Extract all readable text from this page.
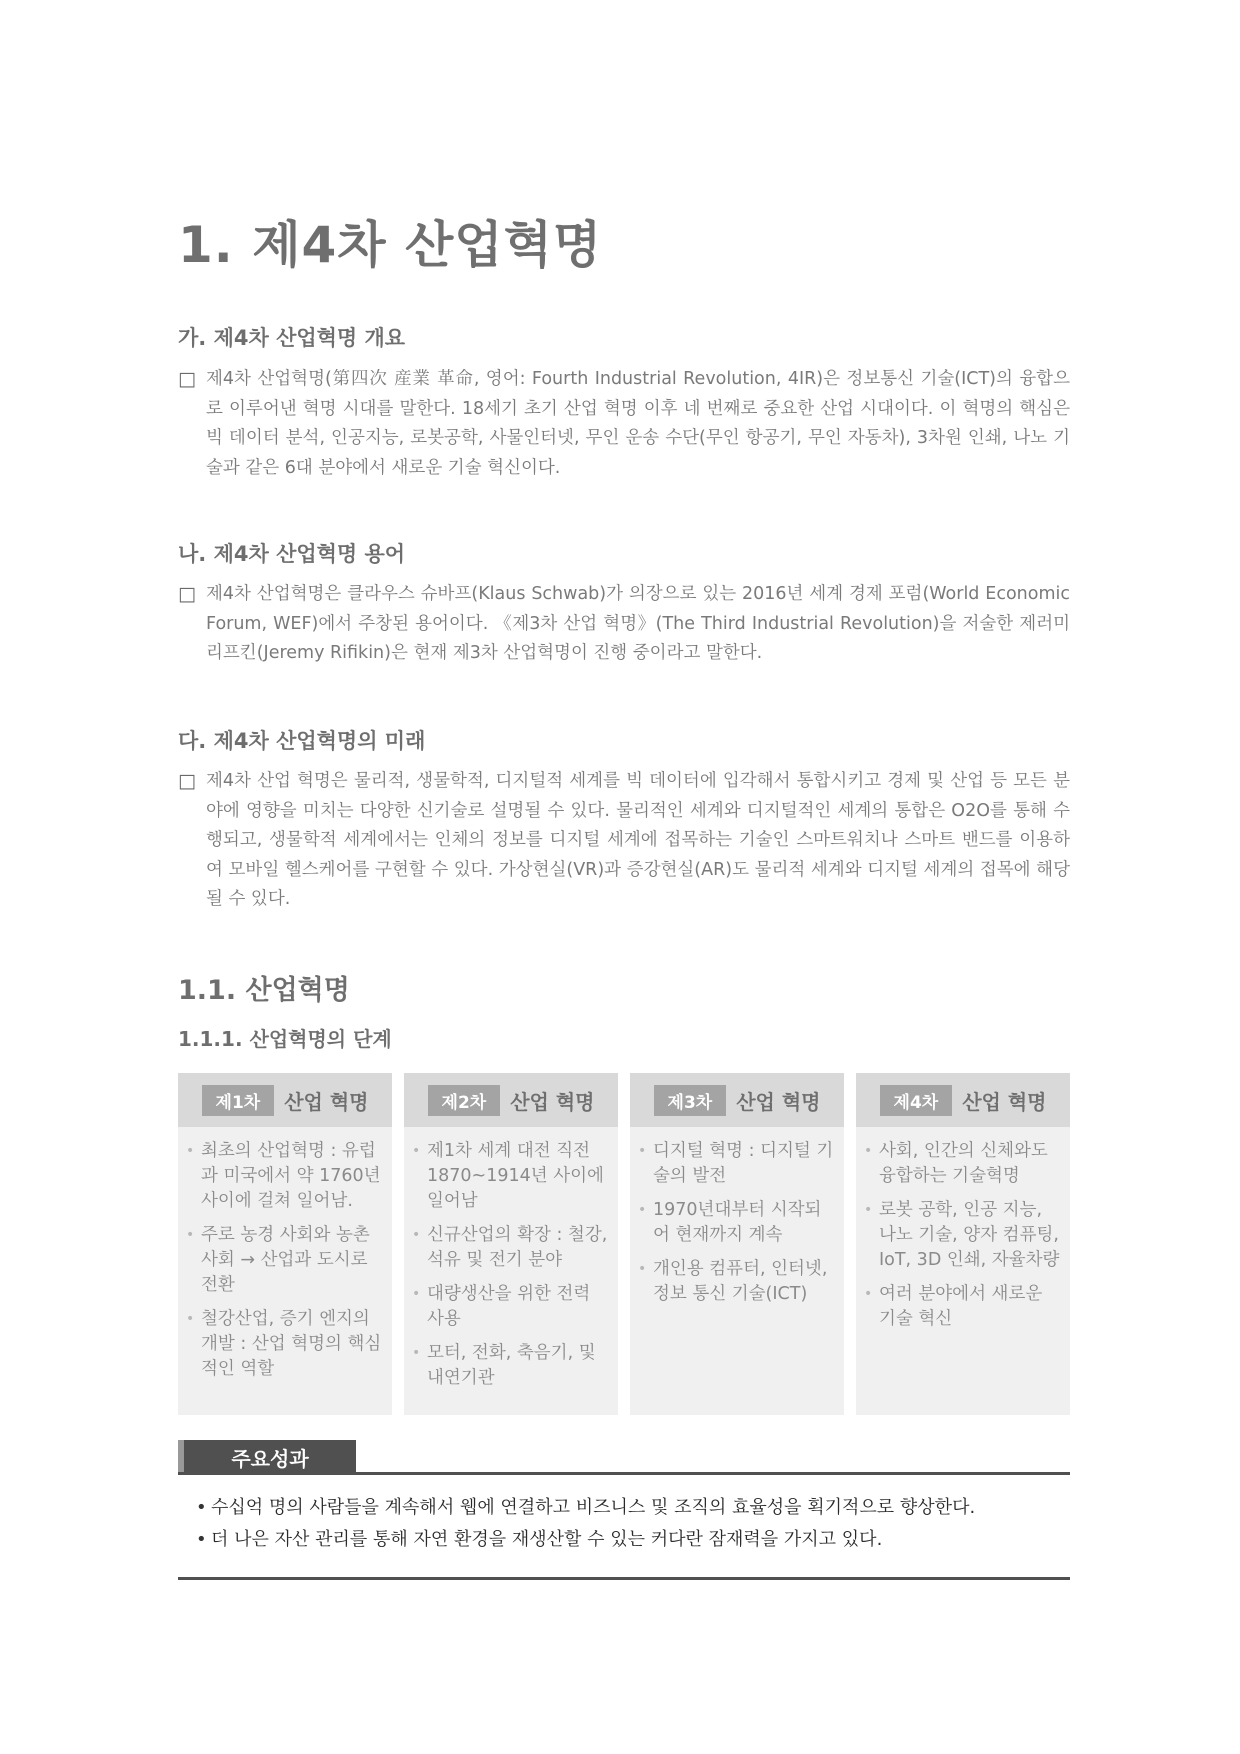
1. 제4차 산업혁명
가. 제4차 산업혁명 개요
□ 제4차 산업혁명(第四次 産業 革命, 영어: Fourth Industrial Revolution, 4IR)은 정보통신 기술(ICT)의 융합으로 이루어낸 혁명 시대를 말한다. 18세기 초기 산업 혁명 이후 네 번째로 중요한 산업 시대이다. 이 혁명의 핵심은 빅 데이터 분석, 인공지능, 로봇공학, 사물인터넷, 무인 운송 수단(무인 항공기, 무인 자동차), 3차원 인쇄, 나노 기술과 같은 6대 분야에서 새로운 기술 혁신이다.
나. 제4차 산업혁명 용어
□ 제4차 산업혁명은 클라우스 슈바프(Klaus Schwab)가 의장으로 있는 2016년 세계 경제 포럼(World Economic Forum, WEF)에서 주창된 용어이다. 《제3차 산업 혁명》(The Third Industrial Revolution)을 저술한 제러미 리프킨(Jeremy Rifikin)은 현재 제3차 산업혁명이 진행 중이라고 말한다.
다. 제4차 산업혁명의 미래
□ 제4차 산업 혁명은 물리적, 생물학적, 디지털적 세계를 빅 데이터에 입각해서 통합시키고 경제 및 산업 등 모든 분야에 영향을 미치는 다양한 신기술로 설명될 수 있다. 물리적인 세계와 디지털적인 세계의 통합은 O2O를 통해 수행되고, 생물학적 세계에서는 인체의 정보를 디지털 세계에 접목하는 기술인 스마트워치나 스마트 밴드를 이용하여 모바일 헬스케어를 구현할 수 있다. 가상현실(VR)과 증강현실(AR)도 물리적 세계와 디지털 세계의 접목에 해당될 수 있다.
1.1. 산업혁명
1.1.1. 산업혁명의 단계
제1차	산업 혁명
• 최초의 산업혁명 : 유럽과 미국에서 약 1760년 사이에 걸쳐 일어남.
• 주로 농경 사회와 농촌 사회 → 산업과 도시로 전환
• 철강산업, 증기 엔지의 개발 : 산업 혁명의 핵심적인 역할
제2차	산업 혁명
• 제1차 세계 대전 직전 1870~1914년 사이에 일어남
• 신규산업의 확장 : 철강, 석유 및 전기 분야
• 대량생산을 위한 전력 사용
• 모터, 전화, 축음기, 및 내연기관
제3차	산업 혁명
• 디지털 혁명 : 디지털 기술의 발전
• 1970년대부터 시작되어 현재까지 계속
• 개인용 컴퓨터, 인터넷, 정보 통신 기술(ICT)
제4차	산업 혁명
• 사회, 인간의 신체와도 융합하는 기술혁명
• 로봇 공학, 인공 지능, 나노 기술, 양자 컴퓨팅, IoT, 3D 인쇄, 자율차량
• 여러 분야에서 새로운 기술 혁신
주요성과
• 수십억 명의 사람들을 계속해서 웹에 연결하고 비즈니스 및 조직의 효율성을 획기적으로 향상한다.
• 더 나은 자산 관리를 통해 자연 환경을 재생산할 수 있는 커다란 잠재력을 가지고 있다.
